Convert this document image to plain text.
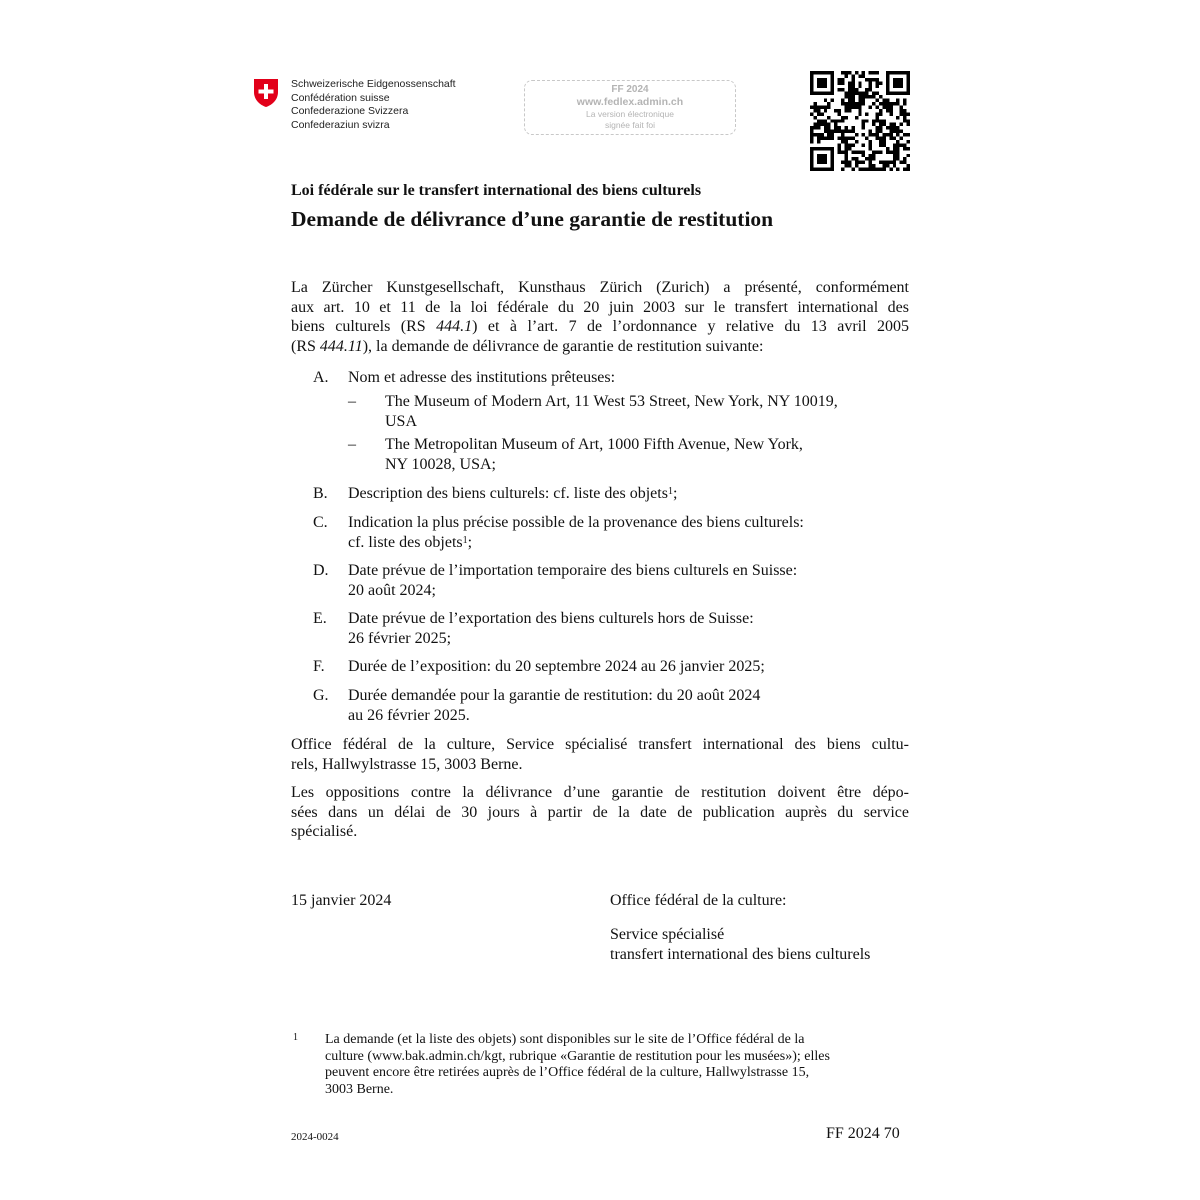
Schweizerische Eidgenossenschaft
Confédération suisse
Confederazione Svizzera
Confederaziun svizra
FF 2024
www.fedlex.admin.ch
La version électronique
signée fait foi
Loi fédérale sur le transfert international des biens culturels
Demande de délivrance d’une garantie de restitution
La Zürcher Kunstgesellschaft, Kunsthaus Zürich (Zurich) a présenté, conformément
aux art. 10 et 11 de la loi fédérale du 20 juin 2003 sur le transfert international des
biens culturels (RS 444.1) et à l’art. 7 de l’ordonnance y relative du 13 avril 2005
(RS 444.11), la demande de délivrance de garantie de restitution suivante:
A. Nom et adresse des institutions prêteuses:
– The Museum of Modern Art, 11 West 53 Street, New York, NY 10019,
USA
– The Metropolitan Museum of Art, 1000 Fifth Avenue, New York,
NY 10028, USA;
B. Description des biens culturels: cf. liste des objets$^1$;
C. Indication la plus précise possible de la provenance des biens culturels:
cf. liste des objets$^1$;
D. Date prévue de l’importation temporaire des biens culturels en Suisse:
20 août 2024;
E. Date prévue de l’exportation des biens culturels hors de Suisse:
26 février 2025;
F. Durée de l’exposition: du 20 septembre 2024 au 26 janvier 2025;
G. Durée demandée pour la garantie de restitution: du 20 août 2024
au 26 février 2025.
Office fédéral de la culture, Service spécialisé transfert international des biens cultu-
rels, Hallwylstrasse 15, 3003 Berne.
Les oppositions contre la délivrance d’une garantie de restitution doivent être dépo-
sées dans un délai de 30 jours à partir de la date de publication auprès du service
spécialisé.
15 janvier 2024	Office fédéral de la culture:
Service spécialisé
transfert international des biens culturels
1 La demande (et la liste des objets) sont disponibles sur le site de l’Office fédéral de la
culture (www.bak.admin.ch/kgt, rubrique «Garantie de restitution pour les musées»); elles
peuvent encore être retirées auprès de l’Office fédéral de la culture, Hallwylstrasse 15,
3003 Berne.
2024-0024	FF 2024 70
